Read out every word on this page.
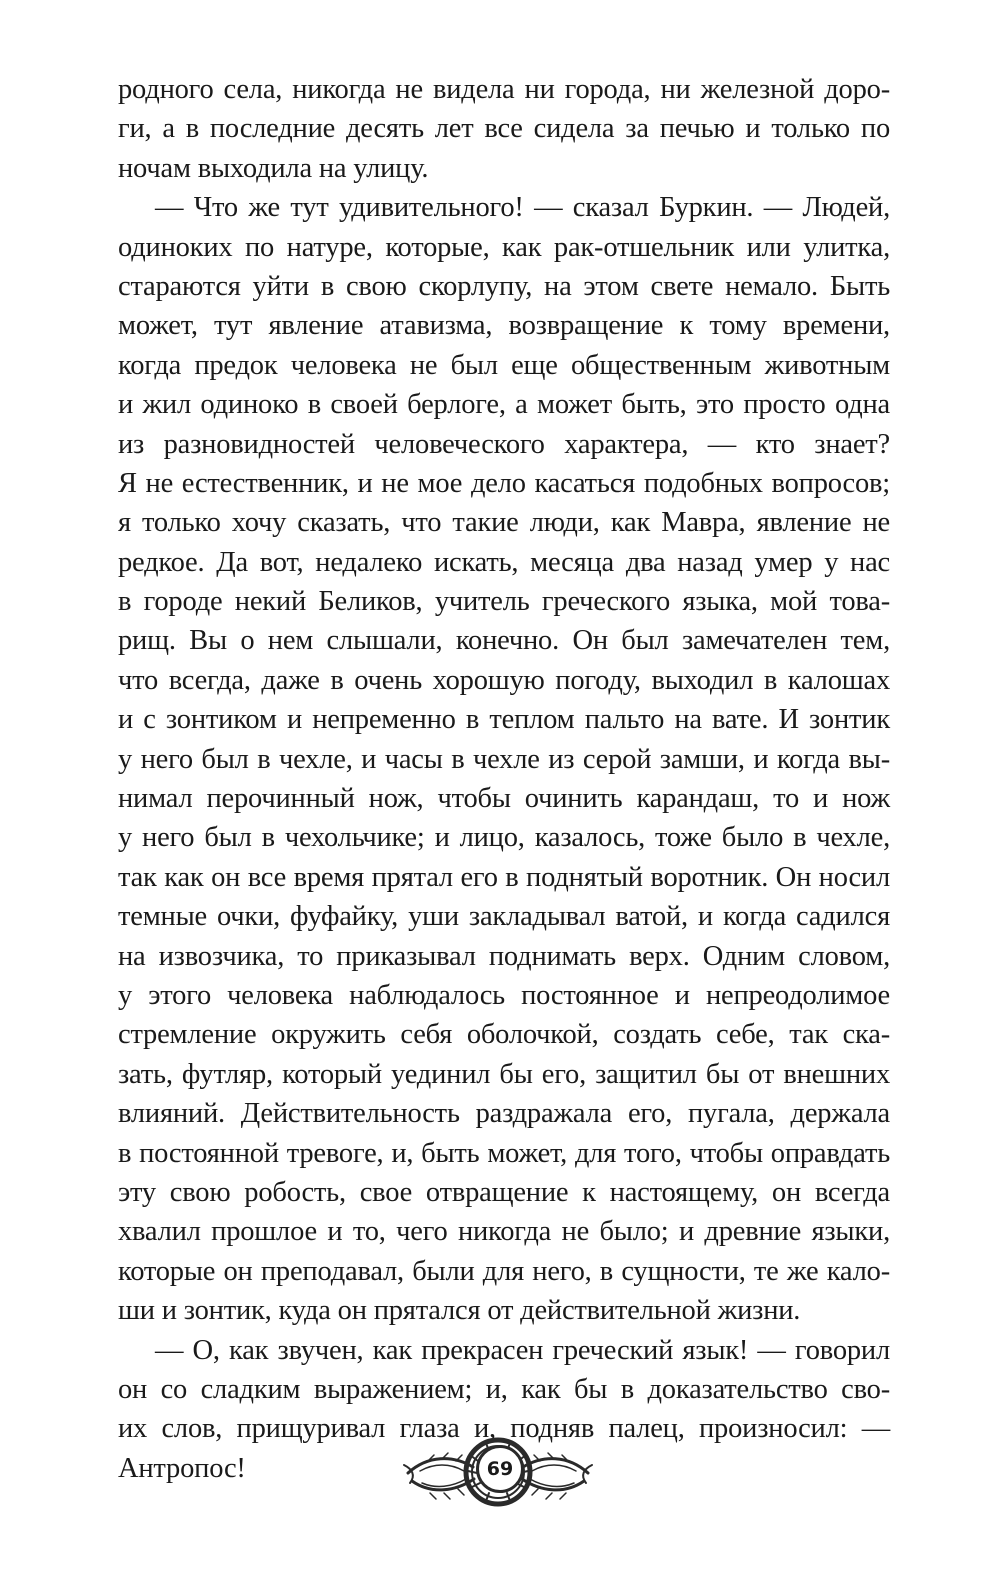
родного села, никогда не видела ни города, ни железной доро-
ги, а в последние десять лет все сидела за печью и только по
ночам выходила на улицу.
— Что же тут удивительного! — сказал Буркин. — Людей,
одиноких по натуре, которые, как рак-отшельник или улитка,
стараются уйти в свою скорлупу, на этом свете немало. Быть
может, тут явление атавизма, возвращение к тому времени,
когда предок человека не был еще общественным животным
и жил одиноко в своей берлоге, а может быть, это просто одна
из разновидностей человеческого характера, — кто знает?
Я не естественник, и не мое дело касаться подобных вопросов;
я только хочу сказать, что такие люди, как Мавра, явление не
редкое. Да вот, недалеко искать, месяца два назад умер у нас
в городе некий Беликов, учитель греческого языка, мой това-
рищ. Вы о нем слышали, конечно. Он был замечателен тем,
что всегда, даже в очень хорошую погоду, выходил в калошах
и с зонтиком и непременно в теплом пальто на вате. И зонтик
у него был в чехле, и часы в чехле из серой замши, и когда вы-
нимал перочинный нож, чтобы очинить карандаш, то и нож
у него был в чехольчике; и лицо, казалось, тоже было в чехле,
так как он все время прятал его в поднятый воротник. Он носил
темные очки, фуфайку, уши закладывал ватой, и когда садился
на извозчика, то приказывал поднимать верх. Одним словом,
у этого человека наблюдалось постоянное и непреодолимое
стремление окружить себя оболочкой, создать себе, так ска-
зать, футляр, который уединил бы его, защитил бы от внешних
влияний. Действительность раздражала его, пугала, держала
в постоянной тревоге, и, быть может, для того, чтобы оправдать
эту свою робость, свое отвращение к настоящему, он всегда
хвалил прошлое и то, чего никогда не было; и древние языки,
которые он преподавал, были для него, в сущности, те же кало-
ши и зонтик, куда он прятался от действительной жизни.
— О, как звучен, как прекрасен греческий язык! — говорил
он со сладким выражением; и, как бы в доказательство сво-
их слов, прищуривал глаза и, подняв палец, произносил: —
Антропос!	69
